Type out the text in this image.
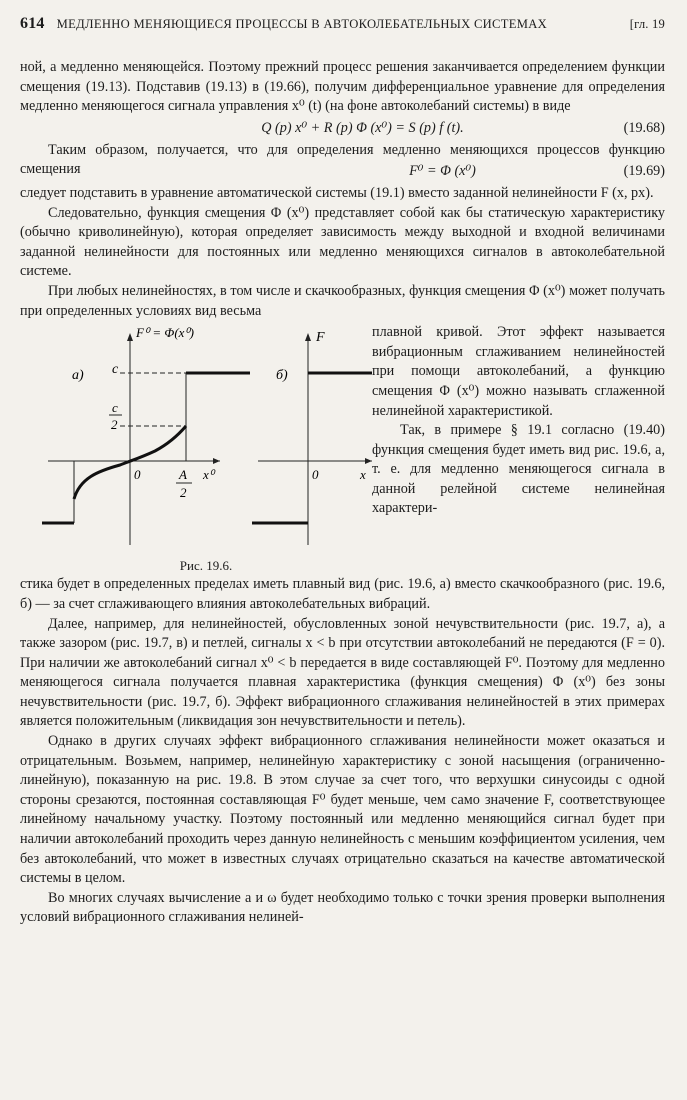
614 МЕДЛЕННО МЕНЯЮЩИЕСЯ ПРОЦЕССЫ В АВТОКОЛЕБАТЕЛЬНЫХ СИСТЕМАХ	[гл. 19

ной, а медленно меняющейся. Поэтому прежний процесс решения заканчивается определением функции смещения (19.13). Подставив (19.13) в (19.66), получим дифференциальное уравнение для определения медленно меняющегося сигнала управления x⁰ (t) (на фоне автоколебаний системы) в виде

Q (p) x⁰ + R (p) Φ (x⁰) = S (p) f (t).	(19.68)

Таким образом, получается, что для определения медленно меняющихся процессов функцию смещения	F⁰ = Φ (x⁰)	(19.69)

следует подставить в уравнение автоматической системы (19.1) вместо заданной нелинейности F (x, px).

Следовательно, функция смещения Φ (x⁰) представляет собой как бы статическую характеристику (обычно криволинейную), которая определяет зависимость между выходной и входной величинами заданной нелинейности для постоянных или медленно меняющихся сигналов в автоколебательной системе.

При любых нелинейностях, в том числе и скачкообразных, функция смещения Φ (x⁰) может получать при определенных условиях вид весьма

а)
F⁰ = Φ(x⁰)
c
c
2
0	A
2
x⁰
б)
F
0	x
Рис. 19.6.

плавной кривой. Этот эффект называется вибрационным сглаживанием нелинейностей при помощи автоколебаний, а функцию смещения Φ (x⁰) можно называть сглаженной нелинейной характеристикой.

Так, в примере § 19.1 согласно (19.40) функция смещения будет иметь вид рис. 19.6, а, т. е. для медленно меняющегося сигнала в данной релейной системе нелинейная характери-

стика будет в определенных пределах иметь плавный вид (рис. 19.6, а) вместо скачкообразного (рис. 19.6, б) — за счет сглаживающего влияния автоколебательных вибраций.

Далее, например, для нелинейностей, обусловленных зоной нечувствительности (рис. 19.7, а), а также зазором (рис. 19.7, в) и петлей, сигналы x < b при отсутствии автоколебаний не передаются (F = 0). При наличии же автоколебаний сигнал x⁰ < b передается в виде составляющей F⁰. Поэтому для медленно меняющегося сигнала получается плавная характеристика (функция смещения) Φ (x⁰) без зоны нечувствительности (рис. 19.7, б). Эффект вибрационного сглаживания нелинейностей в этих примерах является положительным (ликвидация зон нечувствительности и петель).

Однако в других случаях эффект вибрационного сглаживания нелинейности может оказаться и отрицательным. Возьмем, например, нелинейную характеристику с зоной насыщения (ограниченно-линейную), показанную на рис. 19.8. В этом случае за счет того, что верхушки синусоиды с одной стороны срезаются, постоянная составляющая F⁰ будет меньше, чем само значение F, соответствующее линейному начальному участку. Поэтому постоянный или медленно меняющийся сигнал будет при наличии автоколебаний проходить через данную нелинейность с меньшим коэффициентом усиления, чем без автоколебаний, что может в известных случаях отрицательно сказаться на качестве автоматической системы в целом.

Во многих случаях вычисление a и ω будет необходимо только с точки зрения проверки выполнения условий вибрационного сглаживания нелиней-
